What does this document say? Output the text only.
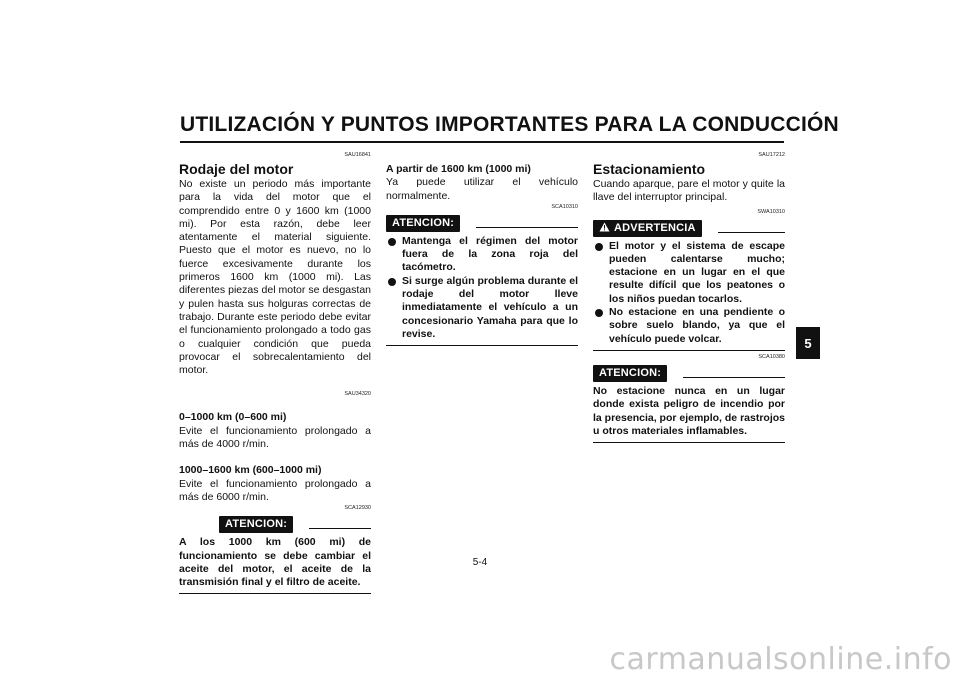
UTILIZACIÓN Y PUNTOS IMPORTANTES PARA LA CONDUCCIÓN
5
SAU16841
Rodaje del motor
No existe un periodo más importante para la vida del motor que el comprendido entre 0 y 1600 km (1000 mi). Por esta razón, debe leer atentamente el material siguiente. Puesto que el motor es nuevo, no lo fuerce excesivamente durante los primeros 1600 km (1000 mi). Las diferentes piezas del motor se desgastan y pulen hasta sus holguras correctas de trabajo. Durante este periodo debe evitar el funcionamiento prolongado a todo gas o cualquier condición que pueda provocar el sobrecalentamiento del motor.
SAU34320
0–1000 km (0–600 mi)
Evite el funcionamiento prolongado a más de 4000 r/min.
1000–1600 km (600–1000 mi)
Evite el funcionamiento prolongado a más de 6000 r/min.
SCA12930
ATENCION:
A los 1000 km (600 mi) de funcionamiento se debe cambiar el aceite del motor, el aceite de la transmisión final y el filtro de aceite.
A partir de 1600 km (1000 mi)
Ya puede utilizar el vehículo normalmente.
SCA10310
ATENCION:
Mantenga el régimen del motor fuera de la zona roja del tacómetro.
Si surge algún problema durante el rodaje del motor lleve inmediatamente el vehículo a un concesionario Yamaha para que lo revise.
SAU17212
Estacionamiento
Cuando aparque, pare el motor y quite la llave del interruptor principal.
SWA10310
ADVERTENCIA
El motor y el sistema de escape pueden calentarse mucho; estacione en un lugar en el que resulte difícil que los peatones o los niños puedan tocarlos.
No estacione en una pendiente o sobre suelo blando, ya que el vehículo puede volcar.
SCA10380
ATENCION:
No estacione nunca en un lugar donde exista peligro de incendio por la presencia, por ejemplo, de rastrojos u otros materiales inflamables.
5-4
carmanualsonline.info
